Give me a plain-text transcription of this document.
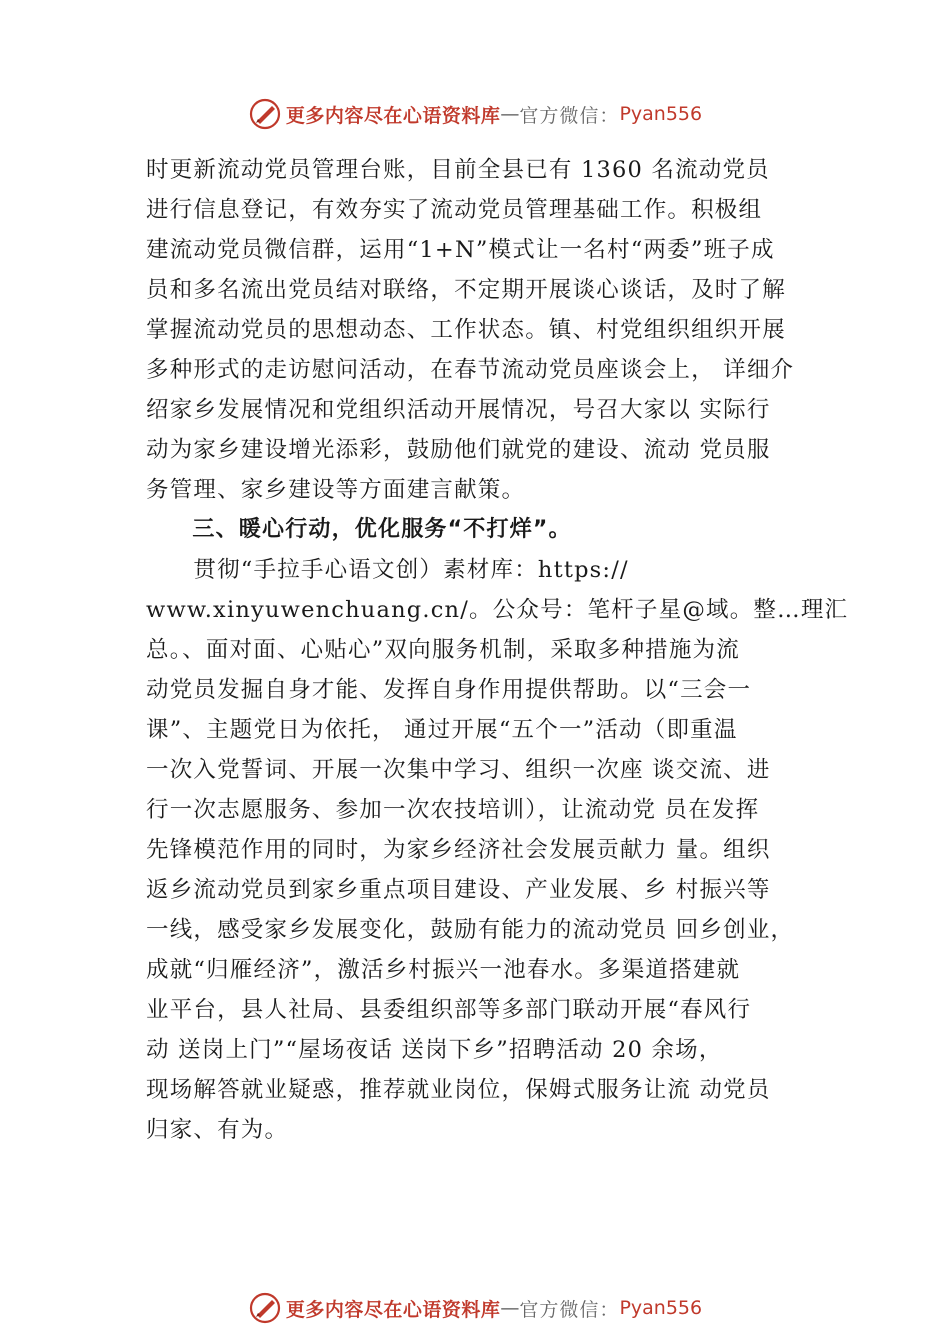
更多内容尽在心语资料库 — 官方微信： Pyan556
时更新流动党员管理台账，目前全县已有 1360 名流动党员
进行信息登记，有效夯实了流动党员管理基础工作。积极组
建流动党员微信群，运用“1+N”模式让一名村“两委”班子成
员和多名流出党员结对联络，不定期开展谈心谈话，及时了解
掌握流动党员的思想动态、工作状态。镇、村党组织组织开展
多种形式的走访慰问活动，在春节流动党员座谈会上， 详细介
绍家乡发展情况和党组织活动开展情况，号召大家以 实际行
动为家乡建设增光添彩，鼓励他们就党的建设、流动 党员服
务管理、家乡建设等方面建言献策。
　　三、暖心行动，优化服务“不打烊”。
　　贯彻“手拉手心语文创）素材库：https://
www.xinyuwenchuang.cn/。公众号：笔杆子星@域。整…理汇
总。、面对面、心贴心”双向服务机制，采取多种措施为流
动党员发掘自身才能、发挥自身作用提供帮助。以“三会一
课”、主题党日为依托， 通过开展“五个一”活动（即重温
一次入党誓词、开展一次集中学习、组织一次座 谈交流、进
行一次志愿服务、参加一次农技培训），让流动党 员在发挥
先锋模范作用的同时，为家乡经济社会发展贡献力 量。组织
返乡流动党员到家乡重点项目建设、产业发展、乡 村振兴等
一线，感受家乡发展变化，鼓励有能力的流动党员 回乡创业，
成就“归雁经济”，激活乡村振兴一池春水。多渠道搭建就
业平台，县人社局、县委组织部等多部门联动开展“春风行
动 送岗上门”“屋场夜话 送岗下乡”招聘活动 20 余场，
现场解答就业疑惑，推荐就业岗位，保姆式服务让流 动党员
归家、有为。
更多内容尽在心语资料库 — 官方微信： Pyan556
